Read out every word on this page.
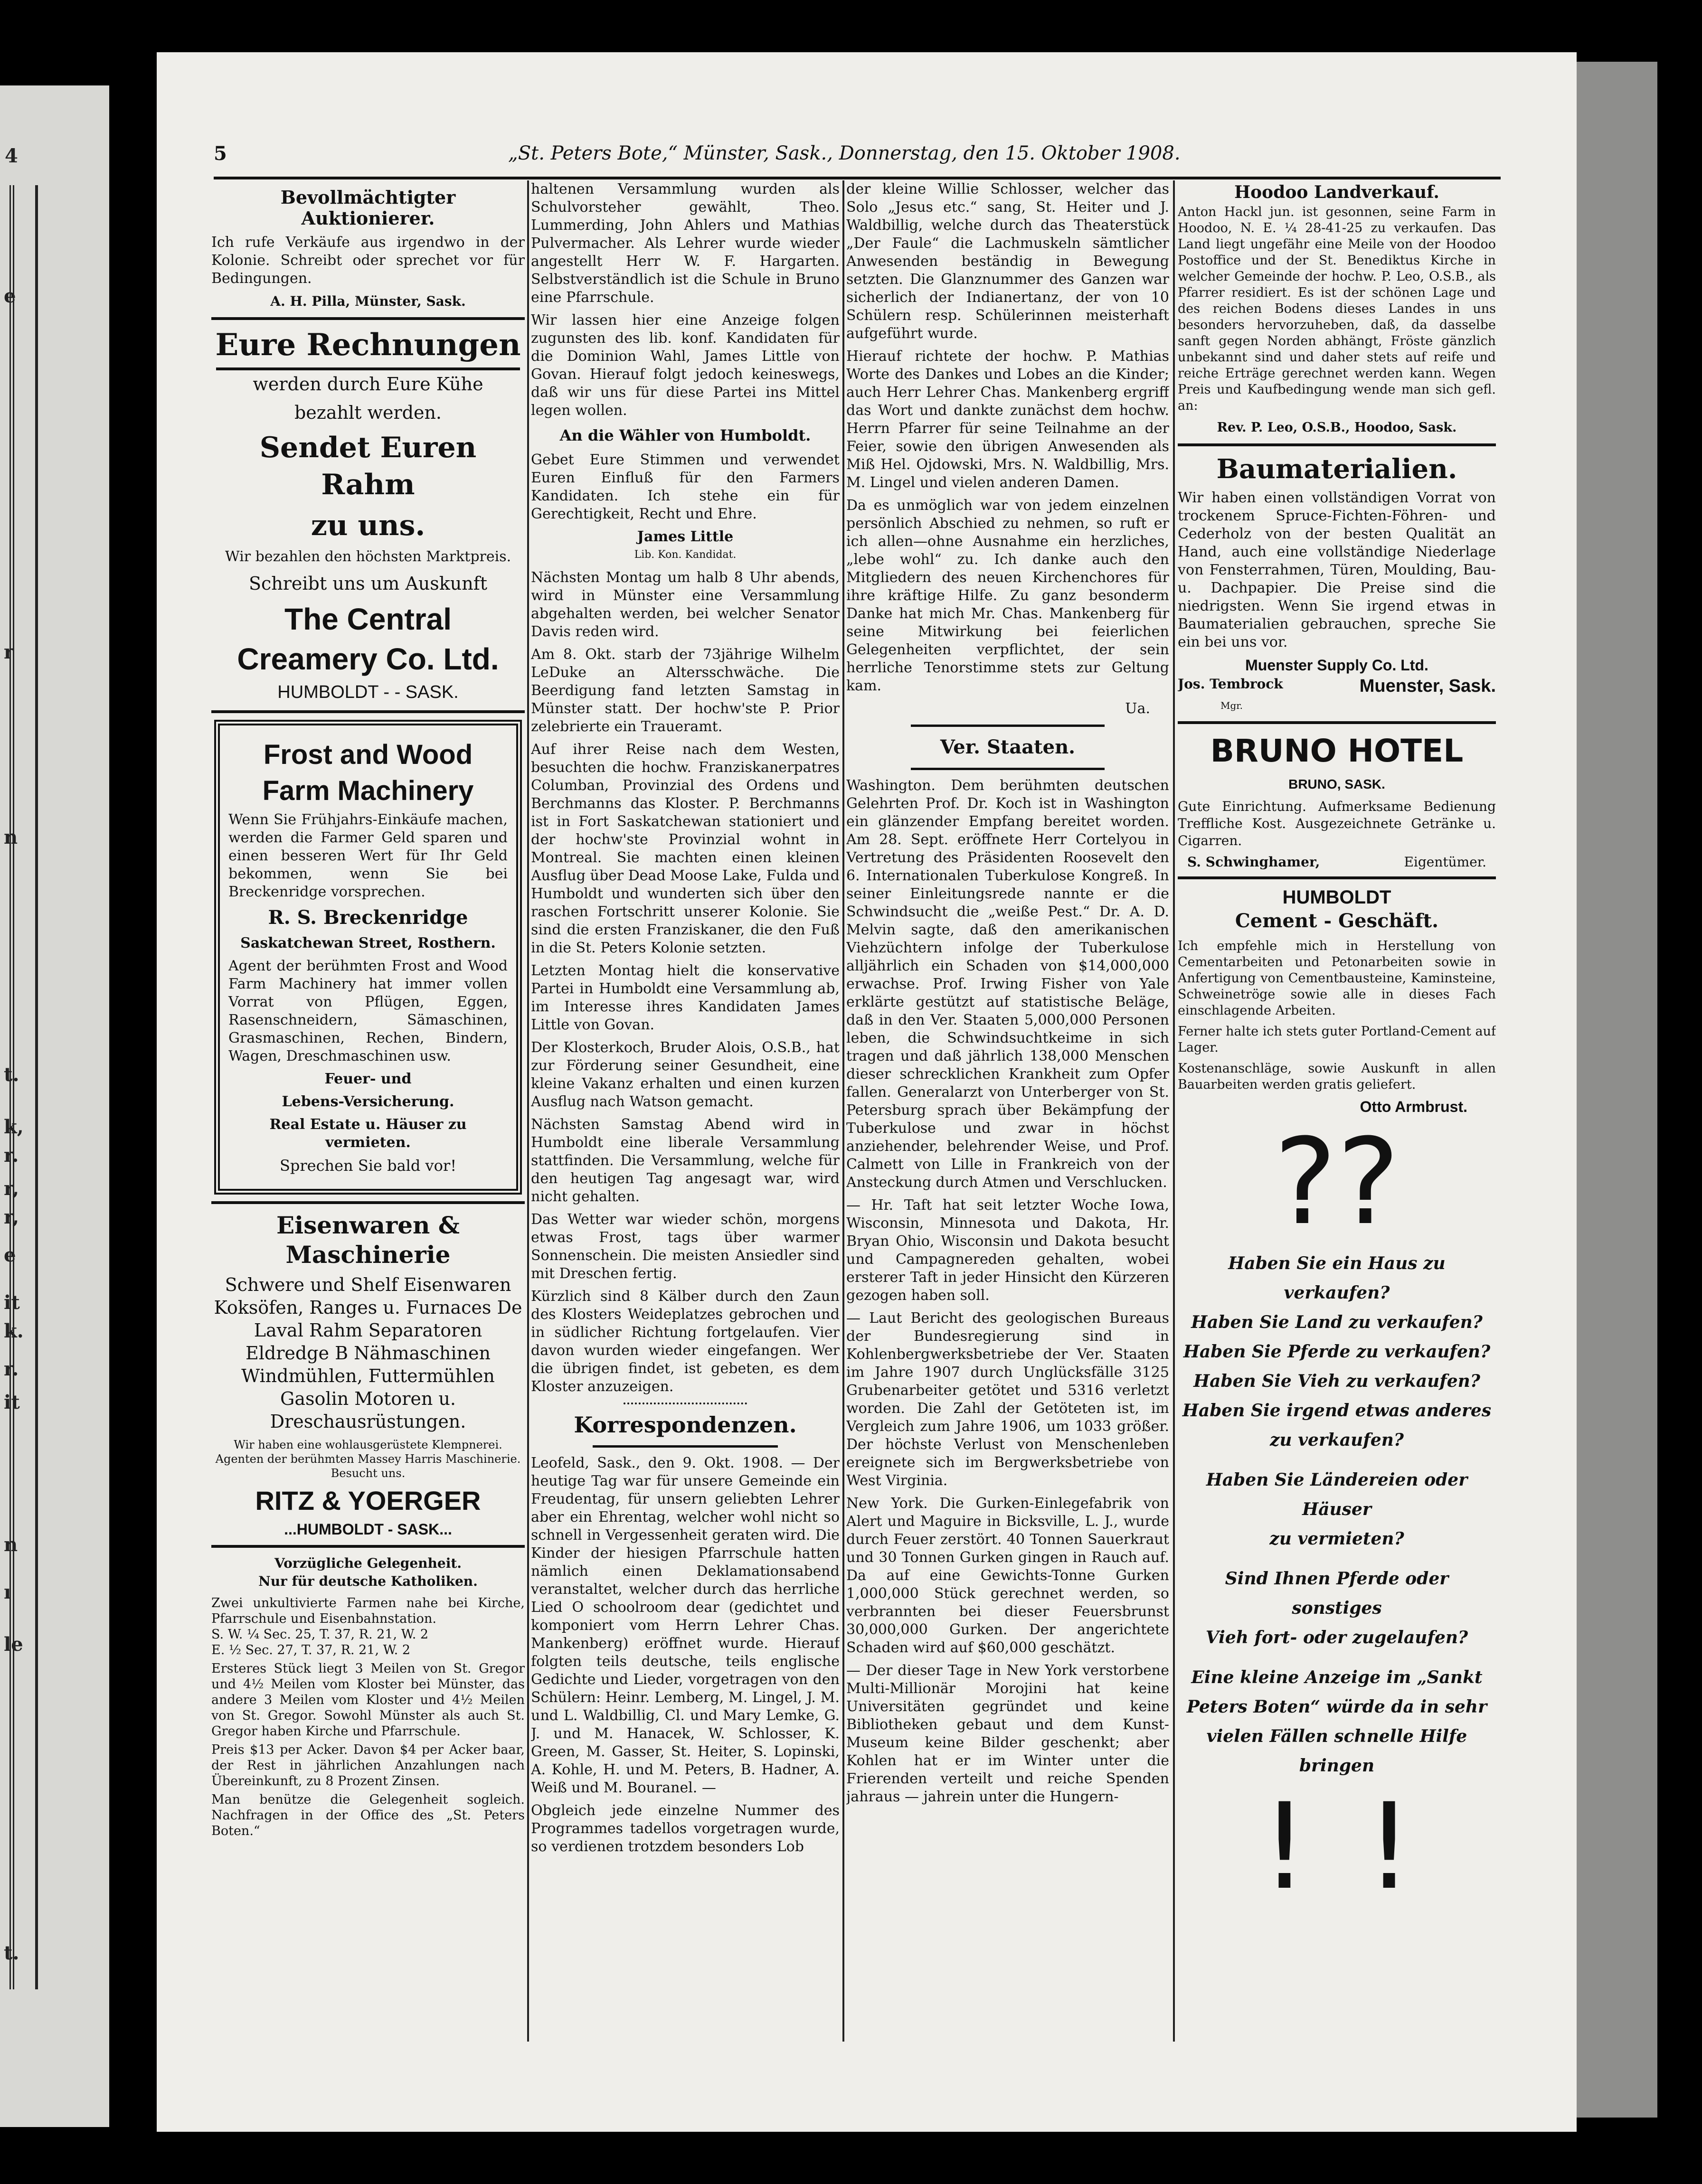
4
e
r
n
t.
k,
r.
r,
r,
e
it
k.
r.
it
n
ı
le
t.
5	„St. Peters Bote,“ Münster, Sask., Donnerstag, den 15. Oktober 1908.

Bevollmächtigter

Auktionierer.

Ich rufe Verkäufe aus irgendwo in der Kolonie. Schreibt oder sprechet vor für Bedingungen.

A. H. Pilla, Münster, Sask.

Eure Rechnungen

werden durch Eure Kühe

bezahlt werden.

Sendet Euren Rahm
zu uns.

Wir bezahlen den höchsten Marktpreis.

Schreibt uns um Auskunft

The Central
Creamery Co. Ltd.

HUMBOLDT - - SASK.

Frost and Wood
Farm Machinery

Wenn Sie Frühjahrs-Einkäufe machen, werden die Farmer Geld sparen und einen besseren Wert für Ihr Geld bekommen, wenn Sie bei Breckenridge vorsprechen.

R. S. Breckenridge

Saskatchewan Street, Rosthern.

Agent der berühmten Frost and Wood Farm Machinery hat immer vollen Vorrat von Pflügen, Eggen, Rasenschneidern, Sämaschinen, Grasmaschinen, Rechen, Bindern, Wagen, Dreschmaschinen usw.

Feuer- und

Lebens-Versicherung.

Real Estate u. Häuser zu vermieten.

Sprechen Sie bald vor!

Eisenwaren & Maschinerie

Schwere und Shelf Eisenwaren Koksöfen, Ranges u. Furnaces De Laval Rahm Separatoren Eldredge B Nähmaschinen Windmühlen, Futtermühlen Gasolin Motoren u. Dreschausrüstungen.

Wir haben eine wohlausgerüstete Klempnerei. Agenten der berühmten Massey Harris Maschinerie. Besucht uns.

RITZ & YOERGER

...HUMBOLDT - SASK...

Vorzügliche Gelegenheit.

Nur für deutsche Katholiken.

Zwei unkultivierte Farmen nahe bei Kirche, Pfarrschule und Eisenbahnstation.

S. W. ¼ Sec. 25, T. 37, R. 21, W. 2

E. ½ Sec. 27, T. 37, R. 21, W. 2

Ersteres Stück liegt 3 Meilen von St. Gregor und 4½ Meilen vom Kloster bei Münster, das andere 3 Meilen vom Kloster und 4½ Meilen von St. Gregor. Sowohl Münster als auch St. Gregor haben Kirche und Pfarrschule.

Preis $13 per Acker. Davon $4 per Acker baar, der Rest in jährlichen Anzahlungen nach Übereinkunft, zu 8 Prozent Zinsen.

Man benütze die Gelegenheit sogleich. Nachfragen in der Office des „St. Peters Boten.“

haltenen Versammlung wurden als Schulvorsteher gewählt, Theo. Lummerding, John Ahlers und Mathias Pulvermacher. Als Lehrer wurde wieder angestellt Herr W. F. Hargarten. Selbstverständlich ist die Schule in Bruno eine Pfarrschule.

Wir lassen hier eine Anzeige folgen zugunsten des lib. konf. Kandidaten für die Dominion Wahl, James Little von Govan. Hierauf folgt jedoch keineswegs, daß wir uns für diese Partei ins Mittel legen wollen.

An die Wähler von Humboldt.

Gebet Eure Stimmen und verwendet Euren Einfluß für den Farmers Kandidaten. Ich stehe ein für Gerechtigkeit, Recht und Ehre.

James Little

Lib. Kon. Kandidat.

Nächsten Montag um halb 8 Uhr abends, wird in Münster eine Versammlung abgehalten werden, bei welcher Senator Davis reden wird.

Am 8. Okt. starb der 73jährige Wilhelm LeDuke an Altersschwäche. Die Beerdigung fand letzten Samstag in Münster statt. Der hochw'ste P. Prior zelebrierte ein Traueramt.

Auf ihrer Reise nach dem Westen, besuchten die hochw. Franziskanerpatres Columban, Provinzial des Ordens und Berchmanns das Kloster. P. Berchmanns ist in Fort Saskatchewan stationiert und der hochw'ste Provinzial wohnt in Montreal. Sie machten einen kleinen Ausflug über Dead Moose Lake, Fulda und Humboldt und wunderten sich über den raschen Fortschritt unserer Kolonie. Sie sind die ersten Franziskaner, die den Fuß in die St. Peters Kolonie setzten.

Letzten Montag hielt die konservative Partei in Humboldt eine Versammlung ab, im Interesse ihres Kandidaten James Little von Govan.

Der Klosterkoch, Bruder Alois, O.S.B., hat zur Förderung seiner Gesundheit, eine kleine Vakanz erhalten und einen kurzen Ausflug nach Watson gemacht.

Nächsten Samstag Abend wird in Humboldt eine liberale Versammlung stattfinden. Die Versammlung, welche für den heutigen Tag angesagt war, wird nicht gehalten.

Das Wetter war wieder schön, morgens etwas Frost, tags über warmer Sonnenschein. Die meisten Ansiedler sind mit Dreschen fertig.

Kürzlich sind 8 Kälber durch den Zaun des Klosters Weideplatzes gebrochen und in südlicher Richtung fortgelaufen. Vier davon wurden wieder eingefangen. Wer die übrigen findet, ist gebeten, es dem Kloster anzuzeigen.

Korrespondenzen.

Leofeld, Sask., den 9. Okt. 1908. — Der heutige Tag war für unsere Gemeinde ein Freudentag, für unsern geliebten Lehrer aber ein Ehrentag, welcher wohl nicht so schnell in Vergessenheit geraten wird. Die Kinder der hiesigen Pfarrschule hatten nämlich einen Deklamationsabend veranstaltet, welcher durch das herrliche Lied O schoolroom dear (gedichtet und komponiert vom Herrn Lehrer Chas. Mankenberg) eröffnet wurde. Hierauf folgten teils deutsche, teils englische Gedichte und Lieder, vorgetragen von den Schülern: Heinr. Lemberg, M. Lingel, J. M. und L. Waldbillig, Cl. und Mary Lemke, G. J. und M. Hanacek, W. Schlosser, K. Green, M. Gasser, St. Heiter, S. Lopinski, A. Kohle, H. und M. Peters, B. Hadner, A. Weiß und M. Bouranel. —

Obgleich jede einzelne Nummer des Programmes tadellos vorgetragen wurde, so verdienen trotzdem besonders Lob

der kleine Willie Schlosser, welcher das Solo „Jesus etc.“ sang, St. Heiter und J. Waldbillig, welche durch das Theaterstück „Der Faule“ die Lachmuskeln sämtlicher Anwesenden beständig in Bewegung setzten. Die Glanznummer des Ganzen war sicherlich der Indianertanz, der von 10 Schülern resp. Schülerinnen meisterhaft aufgeführt wurde.

Hierauf richtete der hochw. P. Mathias Worte des Dankes und Lobes an die Kinder; auch Herr Lehrer Chas. Mankenberg ergriff das Wort und dankte zunächst dem hochw. Herrn Pfarrer für seine Teilnahme an der Feier, sowie den übrigen Anwesenden als Miß Hel. Ojdowski, Mrs. N. Waldbillig, Mrs. M. Lingel und vielen anderen Damen.

Da es unmöglich war von jedem einzelnen persönlich Abschied zu nehmen, so ruft er ich allen—ohne Ausnahme ein herzliches, „lebe wohl“ zu. Ich danke auch den Mitgliedern des neuen Kirchenchores für ihre kräftige Hilfe. Zu ganz besonderm Danke hat mich Mr. Chas. Mankenberg für seine Mitwirkung bei feierlichen Gelegenheiten verpflichtet, der sein herrliche Tenorstimme stets zur Geltung kam.

Ua.

Ver. Staaten.

Washington. Dem berühmten deutschen Gelehrten Prof. Dr. Koch ist in Washington ein glänzender Empfang bereitet worden. Am 28. Sept. eröffnete Herr Cortelyou in Vertretung des Präsidenten Roosevelt den 6. Internationalen Tuberkulose Kongreß. In seiner Einleitungsrede nannte er die Schwindsucht die „weiße Pest.“ Dr. A. D. Melvin sagte, daß den amerikanischen Viehzüchtern infolge der Tuberkulose alljährlich ein Schaden von $14,000,000 erwachse. Prof. Irwing Fisher von Yale erklärte gestützt auf statistische Beläge, daß in den Ver. Staaten 5,000,000 Personen leben, die Schwindsuchtkeime in sich tragen und daß jährlich 138,000 Menschen dieser schrecklichen Krankheit zum Opfer fallen. Generalarzt von Unterberger von St. Petersburg sprach über Bekämpfung der Tuberkulose und zwar in höchst anziehender, belehrender Weise, und Prof. Calmett von Lille in Frankreich von der Ansteckung durch Atmen und Verschlucken.

— Hr. Taft hat seit letzter Woche Iowa, Wisconsin, Minnesota und Dakota, Hr. Bryan Ohio, Wisconsin und Dakota besucht und Campagnereden gehalten, wobei ersterer Taft in jeder Hinsicht den Kürzeren gezogen haben soll.

— Laut Bericht des geologischen Bureaus der Bundesregierung sind in Kohlenbergwerksbetriebe der Ver. Staaten im Jahre 1907 durch Unglücksfälle 3125 Grubenarbeiter getötet und 5316 verletzt worden. Die Zahl der Getöteten ist, im Vergleich zum Jahre 1906, um 1033 größer. Der höchste Verlust von Menschenleben ereignete sich im Bergwerksbetriebe von West Virginia.

New York. Die Gurken-Einlegefabrik von Alert und Maguire in Bicksville, L. J., wurde durch Feuer zerstört. 40 Tonnen Sauerkraut und 30 Tonnen Gurken gingen in Rauch auf. Da auf eine Gewichts-Tonne Gurken 1,000,000 Stück gerechnet werden, so verbrannten bei dieser Feuersbrunst 30,000,000 Gurken. Der angerichtete Schaden wird auf $60,000 geschätzt.

— Der dieser Tage in New York verstorbene Multi-Millionär Morojini hat keine Universitäten gegründet und keine Bibliotheken gebaut und dem Kunst-Museum keine Bilder geschenkt; aber Kohlen hat er im Winter unter die Frierenden verteilt und reiche Spenden jahraus — jahrein unter die Hungern-

Hoodoo Landverkauf.

Anton Hackl jun. ist gesonnen, seine Farm in Hoodoo, N. E. ¼ 28-41-25 zu verkaufen. Das Land liegt ungefähr eine Meile von der Hoodoo Postoffice und der St. Benediktus Kirche in welcher Gemeinde der hochw. P. Leo, O.S.B., als Pfarrer residiert. Es ist der schönen Lage und des reichen Bodens dieses Landes in uns besonders hervorzuheben, daß, da dasselbe sanft gegen Norden abhängt, Fröste gänzlich unbekannt sind und daher stets auf reife und reiche Erträge gerechnet werden kann. Wegen Preis und Kaufbedingung wende man sich gefl. an:

Rev. P. Leo, O.S.B., Hoodoo, Sask.

Baumaterialien.

Wir haben einen vollständigen Vorrat von trockenem Spruce-Fichten-Föhren- und Cederholz von der besten Qualität an Hand, auch eine vollständige Niederlage von Fensterrahmen, Türen, Moulding, Bau- u. Dachpapier. Die Preise sind die niedrigsten. Wenn Sie irgend etwas in Baumaterialien gebrauchen, spreche Sie ein bei uns vor.

Muenster Supply Co. Ltd.

Jos. Tembrock	Muenster, Sask.

Mgr.

BRUNO HOTEL

BRUNO, SASK.

Gute Einrichtung. Aufmerksame Bedienung Treffliche Kost. Ausgezeichnete Getränke u. Cigarren.

S. Schwinghamer,	Eigentümer.

HUMBOLDT

Cement - Geschäft.

Ich empfehle mich in Herstellung von Cementarbeiten und Petonarbeiten sowie in Anfertigung von Cementbausteine, Kaminsteine, Schweinetröge sowie alle in dieses Fach einschlagende Arbeiten.

Ferner halte ich stets guter Portland-Cement auf Lager.

Kostenanschläge, sowie Auskunft in allen Bauarbeiten werden gratis geliefert.

Otto Armbrust.

??

Haben Sie ein Haus zu verkaufen?

Haben Sie Land zu verkaufen?

Haben Sie Pferde zu verkaufen?

Haben Sie Vieh zu verkaufen?

Haben Sie irgend etwas anderes

zu verkaufen?

Haben Sie Ländereien oder Häuser

zu vermieten?

Sind Ihnen Pferde oder sonstiges

Vieh fort- oder zugelaufen?

Eine kleine Anzeige im „Sankt

Peters Boten“ würde da in sehr

vielen Fällen schnelle Hilfe bringen

!!
